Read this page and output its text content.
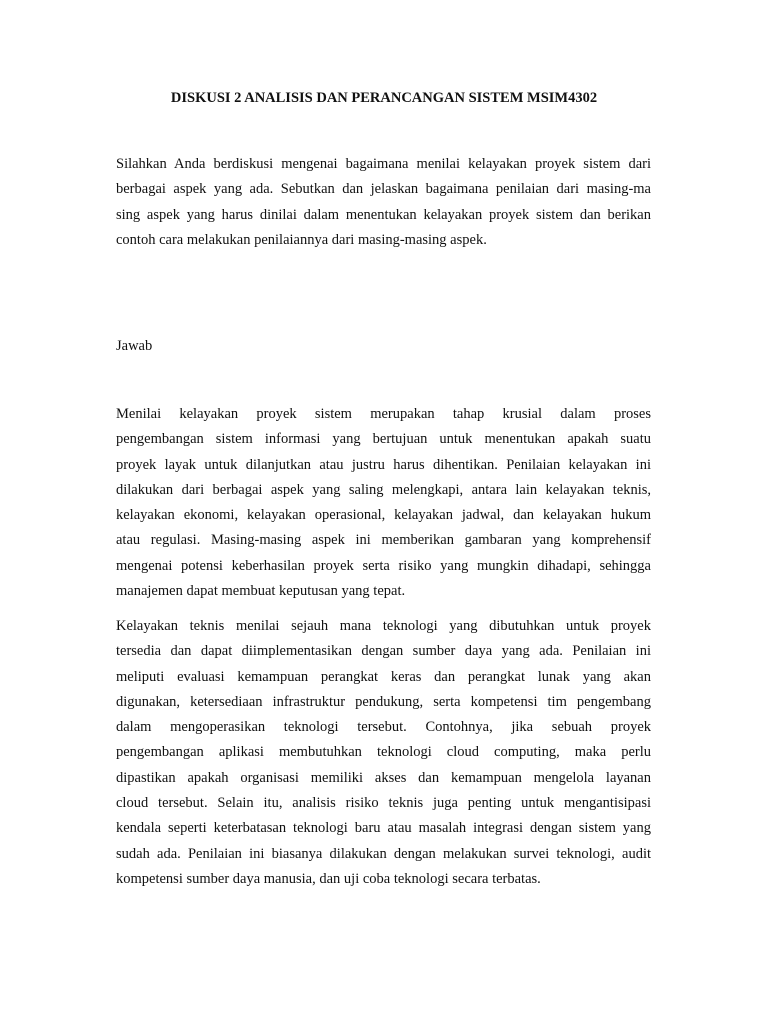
DISKUSI 2 ANALISIS DAN PERANCANGAN SISTEM MSIM4302
Silahkan Anda berdiskusi mengenai bagaimana menilai kelayakan proyek sistem dari
berbagai aspek yang ada. Sebutkan dan jelaskan bagaimana penilaian dari masing-ma
sing aspek yang harus dinilai dalam menentukan kelayakan proyek sistem dan berikan
contoh cara melakukan penilaiannya dari masing-masing aspek.
Jawab
Menilai kelayakan proyek sistem merupakan tahap krusial dalam proses
pengembangan sistem informasi yang bertujuan untuk menentukan apakah suatu
proyek layak untuk dilanjutkan atau justru harus dihentikan. Penilaian kelayakan ini
dilakukan dari berbagai aspek yang saling melengkapi, antara lain kelayakan teknis,
kelayakan ekonomi, kelayakan operasional, kelayakan jadwal, dan kelayakan hukum
atau regulasi. Masing-masing aspek ini memberikan gambaran yang komprehensif
mengenai potensi keberhasilan proyek serta risiko yang mungkin dihadapi, sehingga
manajemen dapat membuat keputusan yang tepat.
Kelayakan teknis menilai sejauh mana teknologi yang dibutuhkan untuk proyek
tersedia dan dapat diimplementasikan dengan sumber daya yang ada. Penilaian ini
meliputi evaluasi kemampuan perangkat keras dan perangkat lunak yang akan
digunakan, ketersediaan infrastruktur pendukung, serta kompetensi tim pengembang
dalam mengoperasikan teknologi tersebut. Contohnya, jika sebuah proyek
pengembangan aplikasi membutuhkan teknologi cloud computing, maka perlu
dipastikan apakah organisasi memiliki akses dan kemampuan mengelola layanan
cloud tersebut. Selain itu, analisis risiko teknis juga penting untuk mengantisipasi
kendala seperti keterbatasan teknologi baru atau masalah integrasi dengan sistem yang
sudah ada. Penilaian ini biasanya dilakukan dengan melakukan survei teknologi, audit
kompetensi sumber daya manusia, dan uji coba teknologi secara terbatas.
